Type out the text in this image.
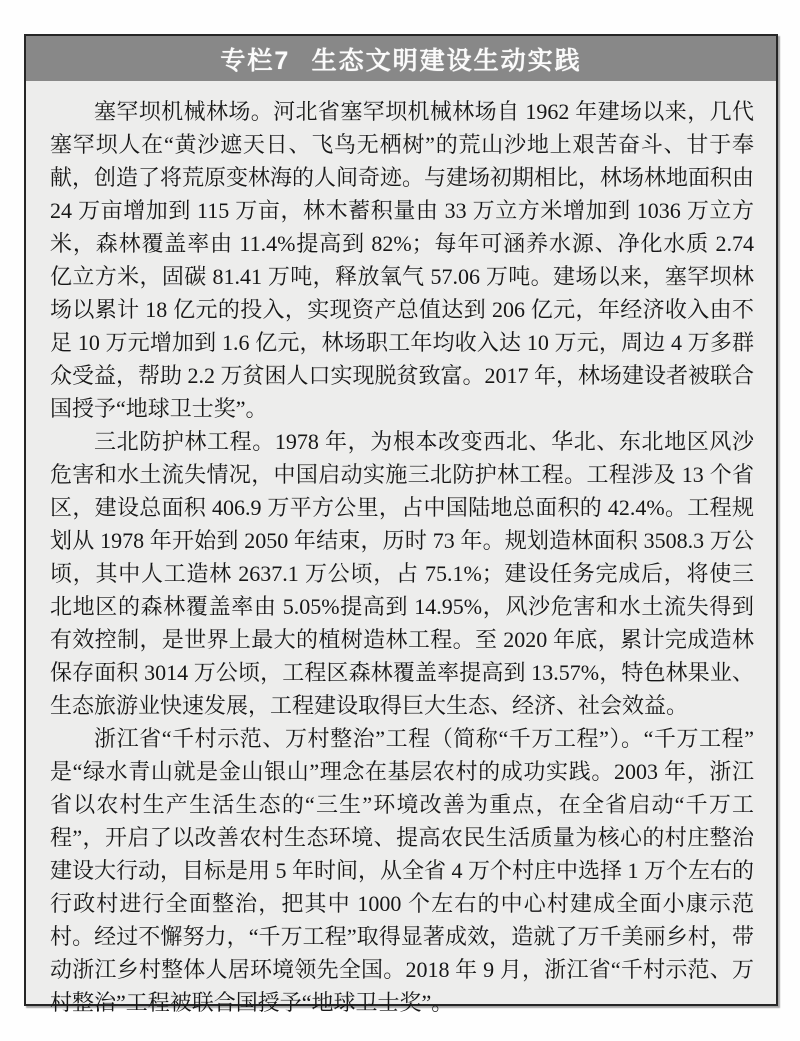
专栏7 生态文明建设生动实践

塞罕坝机械林场。河北省塞罕坝机械林场自 1962 年建场以来，几代塞罕坝人在“黄沙遮天日、飞鸟无栖树”的荒山沙地上艰苦奋斗、甘于奉献，创造了将荒原变林海的人间奇迹。与建场初期相比，林场林地面积由 24 万亩增加到 115 万亩，林木蓄积量由 33 万立方米增加到 1036 万立方米，森林覆盖率由 11.4%提高到 82%；每年可涵养水源、净化水质 2.74 亿立方米，固碳 81.41 万吨，释放氧气 57.06 万吨。建场以来，塞罕坝林场以累计 18 亿元的投入，实现资产总值达到 206 亿元，年经济收入由不足 10 万元增加到 1.6 亿元，林场职工年均收入达 10 万元，周边 4 万多群众受益，帮助 2.2 万贫困人口实现脱贫致富。2017 年，林场建设者被联合国授予“地球卫士奖”。

三北防护林工程。1978 年，为根本改变西北、华北、东北地区风沙危害和水土流失情况，中国启动实施三北防护林工程。工程涉及 13 个省区，建设总面积 406.9 万平方公里，占中国陆地总面积的 42.4%。工程规划从 1978 年开始到 2050 年结束，历时 73 年。规划造林面积 3508.3 万公顷，其中人工造林 2637.1 万公顷，占 75.1%；建设任务完成后，将使三北地区的森林覆盖率由 5.05%提高到 14.95%，风沙危害和水土流失得到有效控制，是世界上最大的植树造林工程。至 2020 年底，累计完成造林保存面积 3014 万公顷，工程区森林覆盖率提高到 13.57%，特色林果业、生态旅游业快速发展，工程建设取得巨大生态、经济、社会效益。

浙江省“千村示范、万村整治”工程（简称“千万工程”）。“千万工程”是“绿水青山就是金山银山”理念在基层农村的成功实践。2003 年，浙江省以农村生产生活生态的“三生”环境改善为重点，在全省启动“千万工程”，开启了以改善农村生态环境、提高农民生活质量为核心的村庄整治建设大行动，目标是用 5 年时间，从全省 4 万个村庄中选择 1 万个左右的行政村进行全面整治，把其中 1000 个左右的中心村建成全面小康示范村。经过不懈努力，“千万工程”取得显著成效，造就了万千美丽乡村，带动浙江乡村整体人居环境领先全国。2018 年 9 月，浙江省“千村示范、万村整治”工程被联合国授予“地球卫士奖”。
